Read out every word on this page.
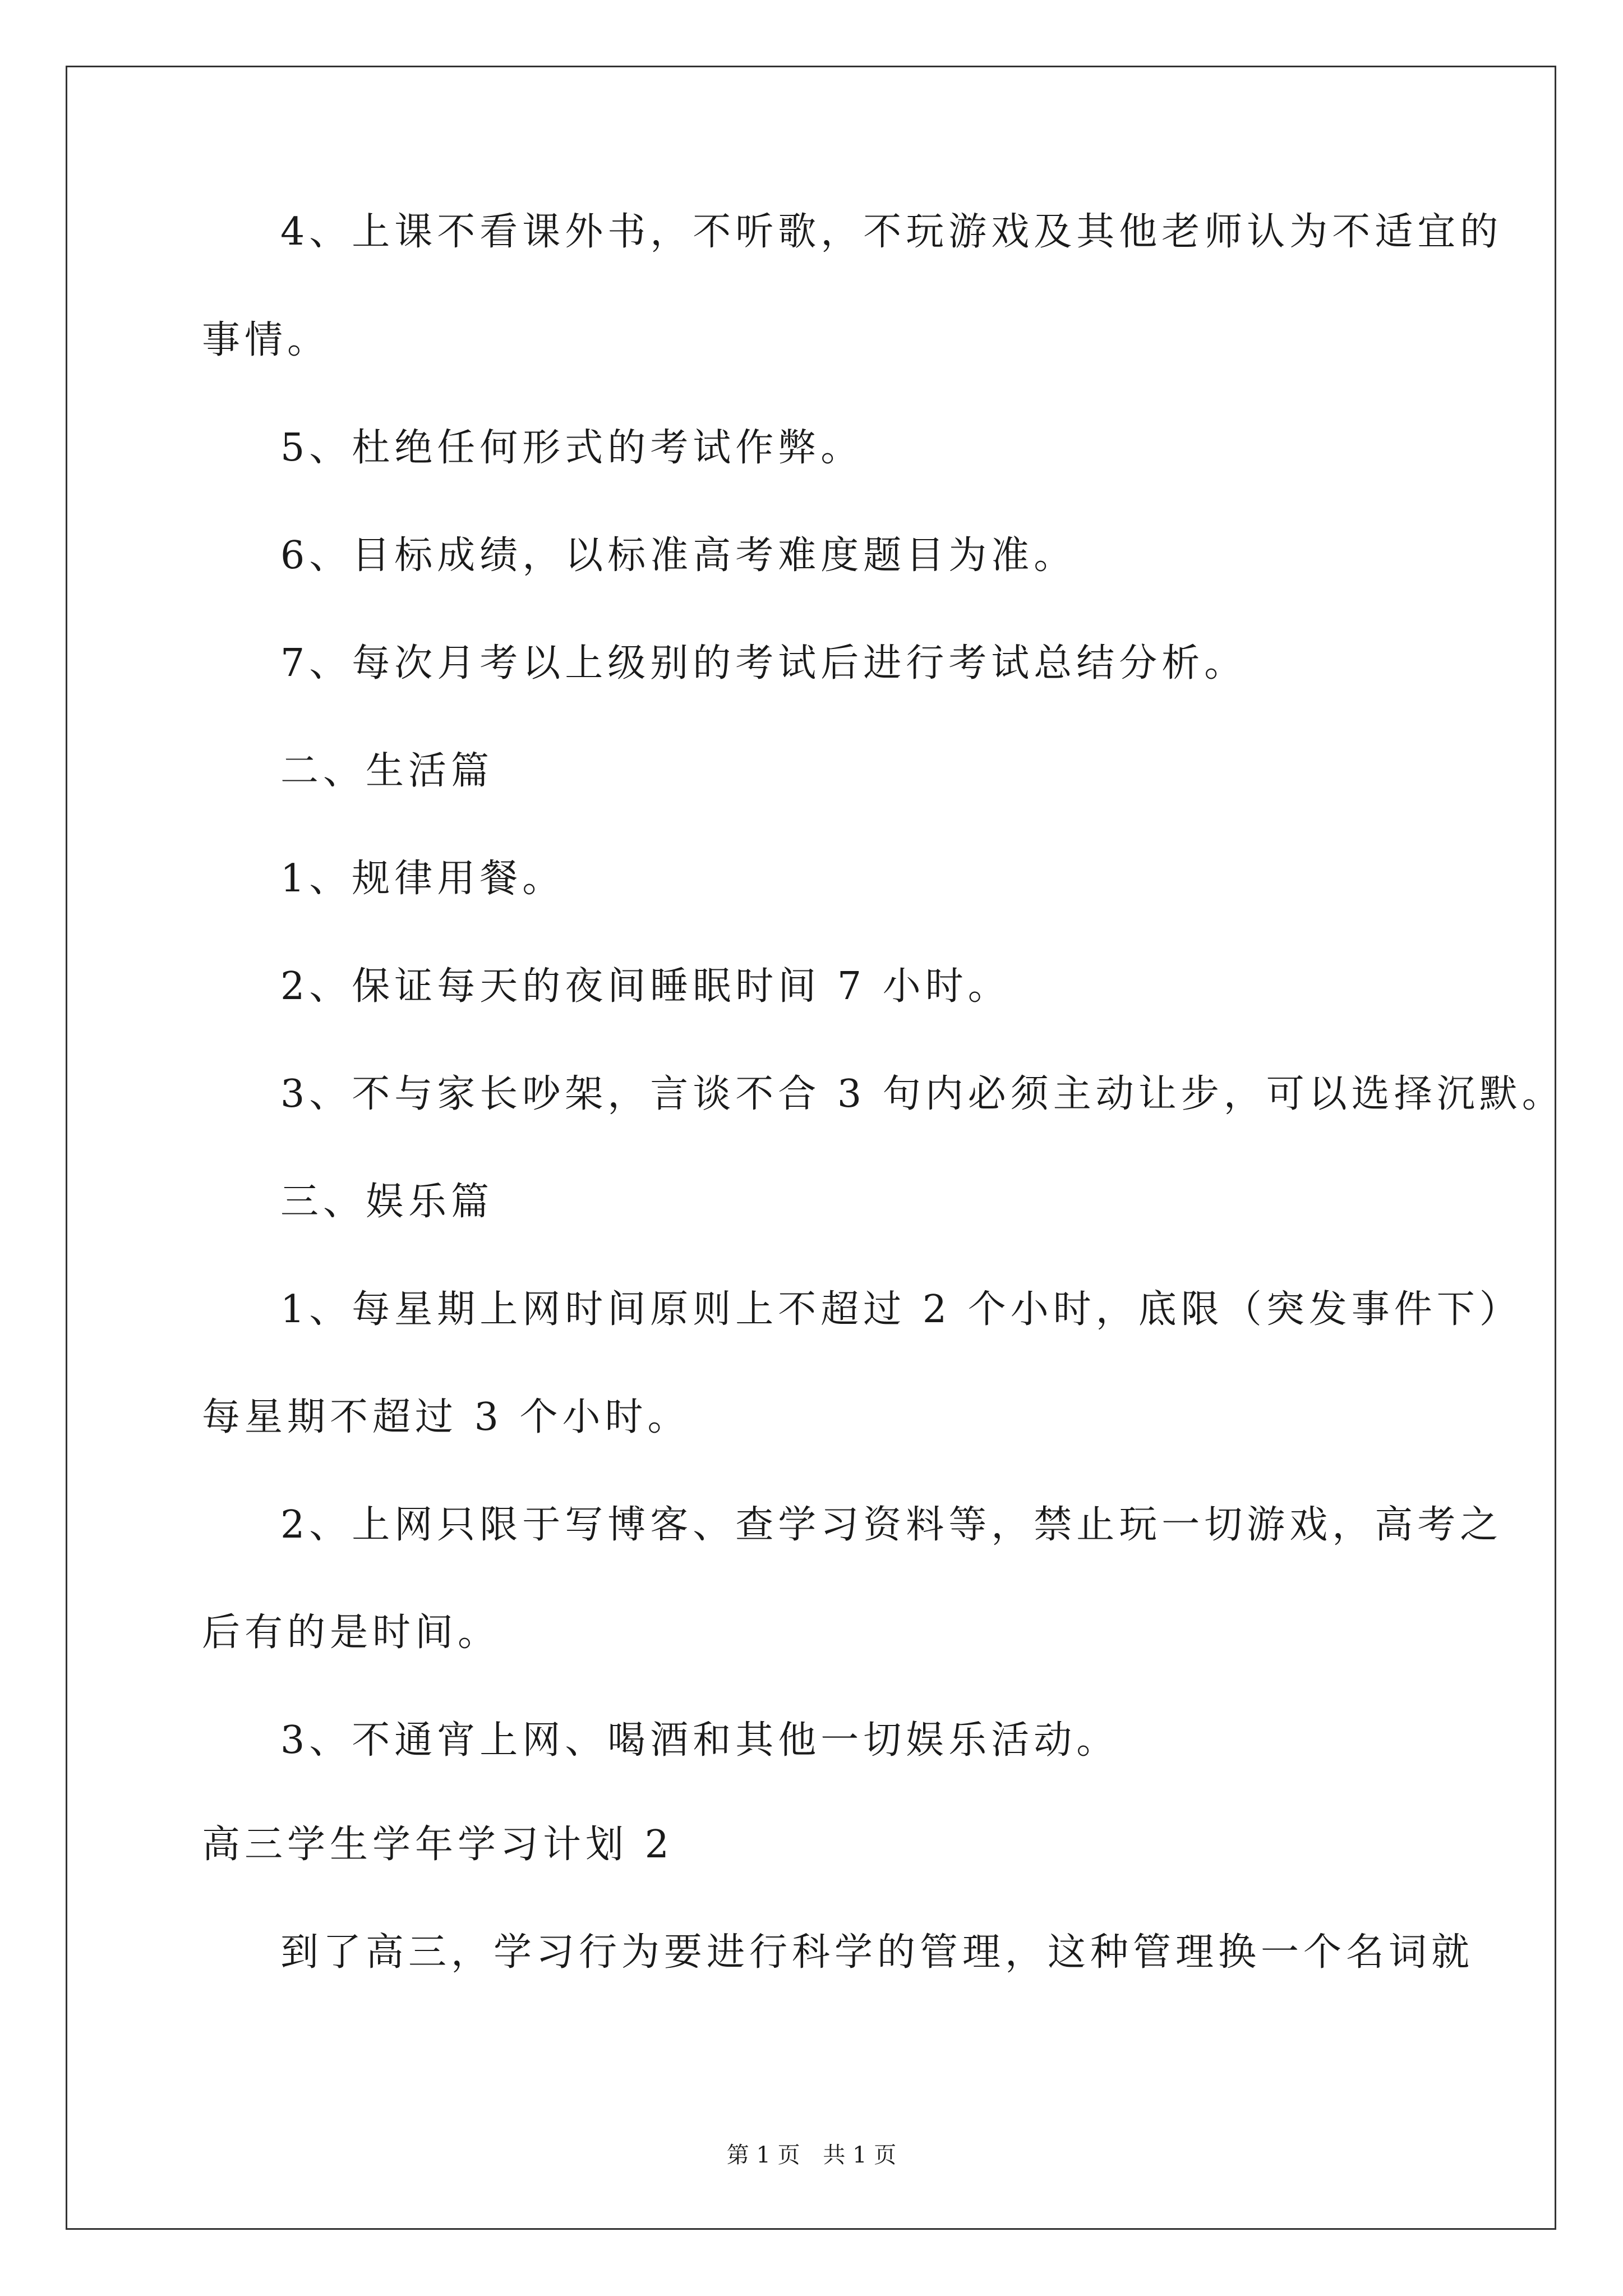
4、上课不看课外书，不听歌，不玩游戏及其他老师认为不适宜的
事情。
5、杜绝任何形式的考试作弊。
6、目标成绩，以标准高考难度题目为准。
7、每次月考以上级别的考试后进行考试总结分析。
二、生活篇
1、规律用餐。
2、保证每天的夜间睡眠时间 7 小时。
3、不与家长吵架，言谈不合 3 句内必须主动让步，可以选择沉默。
三、娱乐篇
1、每星期上网时间原则上不超过 2 个小时，底限（突发事件下）
每星期不超过 3 个小时。
2、上网只限于写博客、查学习资料等，禁止玩一切游戏，高考之
后有的是时间。
3、不通宵上网、喝酒和其他一切娱乐活动。
高三学生学年学习计划 2
到了高三，学习行为要进行科学的管理，这种管理换一个名词就
第 1 页 共 1 页
